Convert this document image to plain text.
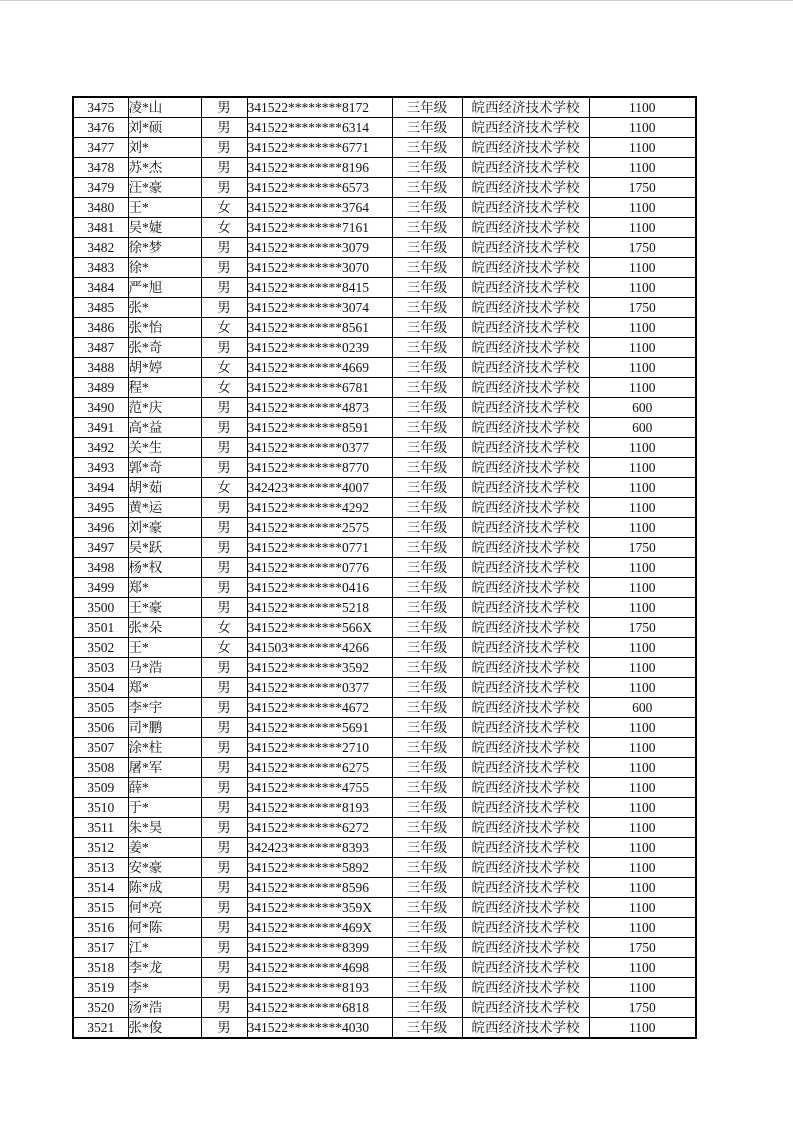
3475	凌*山	男	341522********8172	三年级	皖西经济技术学校	1100
3476	刘*硕	男	341522********6314	三年级	皖西经济技术学校	1100
3477	刘*	男	341522********6771	三年级	皖西经济技术学校	1100
3478	苏*杰	男	341522********8196	三年级	皖西经济技术学校	1100
3479	汪*豪	男	341522********6573	三年级	皖西经济技术学校	1750
3480	王*	女	341522********3764	三年级	皖西经济技术学校	1100
3481	吴*婕	女	341522********7161	三年级	皖西经济技术学校	1100
3482	徐*梦	男	341522********3079	三年级	皖西经济技术学校	1750
3483	徐*	男	341522********3070	三年级	皖西经济技术学校	1100
3484	严*旭	男	341522********8415	三年级	皖西经济技术学校	1100
3485	张*	男	341522********3074	三年级	皖西经济技术学校	1750
3486	张*怡	女	341522********8561	三年级	皖西经济技术学校	1100
3487	张*奇	男	341522********0239	三年级	皖西经济技术学校	1100
3488	胡*婷	女	341522********4669	三年级	皖西经济技术学校	1100
3489	程*	女	341522********6781	三年级	皖西经济技术学校	1100
3490	范*庆	男	341522********4873	三年级	皖西经济技术学校	600
3491	高*益	男	341522********8591	三年级	皖西经济技术学校	600
3492	关*生	男	341522********0377	三年级	皖西经济技术学校	1100
3493	郭*奇	男	341522********8770	三年级	皖西经济技术学校	1100
3494	胡*茹	女	342423********4007	三年级	皖西经济技术学校	1100
3495	黄*运	男	341522********4292	三年级	皖西经济技术学校	1100
3496	刘*豪	男	341522********2575	三年级	皖西经济技术学校	1100
3497	吴*跃	男	341522********0771	三年级	皖西经济技术学校	1750
3498	杨*权	男	341522********0776	三年级	皖西经济技术学校	1100
3499	郑*	男	341522********0416	三年级	皖西经济技术学校	1100
3500	王*豪	男	341522********5218	三年级	皖西经济技术学校	1100
3501	张*朵	女	341522********566X	三年级	皖西经济技术学校	1750
3502	王*	女	341503********4266	三年级	皖西经济技术学校	1100
3503	马*浩	男	341522********3592	三年级	皖西经济技术学校	1100
3504	郑*	男	341522********0377	三年级	皖西经济技术学校	1100
3505	李*宇	男	341522********4672	三年级	皖西经济技术学校	600
3506	司*鹏	男	341522********5691	三年级	皖西经济技术学校	1100
3507	涂*柱	男	341522********2710	三年级	皖西经济技术学校	1100
3508	屠*军	男	341522********6275	三年级	皖西经济技术学校	1100
3509	薛*	男	341522********4755	三年级	皖西经济技术学校	1100
3510	于*	男	341522********8193	三年级	皖西经济技术学校	1100
3511	朱*昊	男	341522********6272	三年级	皖西经济技术学校	1100
3512	姜*	男	342423********8393	三年级	皖西经济技术学校	1100
3513	安*豪	男	341522********5892	三年级	皖西经济技术学校	1100
3514	陈*成	男	341522********8596	三年级	皖西经济技术学校	1100
3515	何*亮	男	341522********359X	三年级	皖西经济技术学校	1100
3516	何*陈	男	341522********469X	三年级	皖西经济技术学校	1100
3517	江*	男	341522********8399	三年级	皖西经济技术学校	1750
3518	李*龙	男	341522********4698	三年级	皖西经济技术学校	1100
3519	李*	男	341522********8193	三年级	皖西经济技术学校	1100
3520	汤*浩	男	341522********6818	三年级	皖西经济技术学校	1750
3521	张*俊	男	341522********4030	三年级	皖西经济技术学校	1100
